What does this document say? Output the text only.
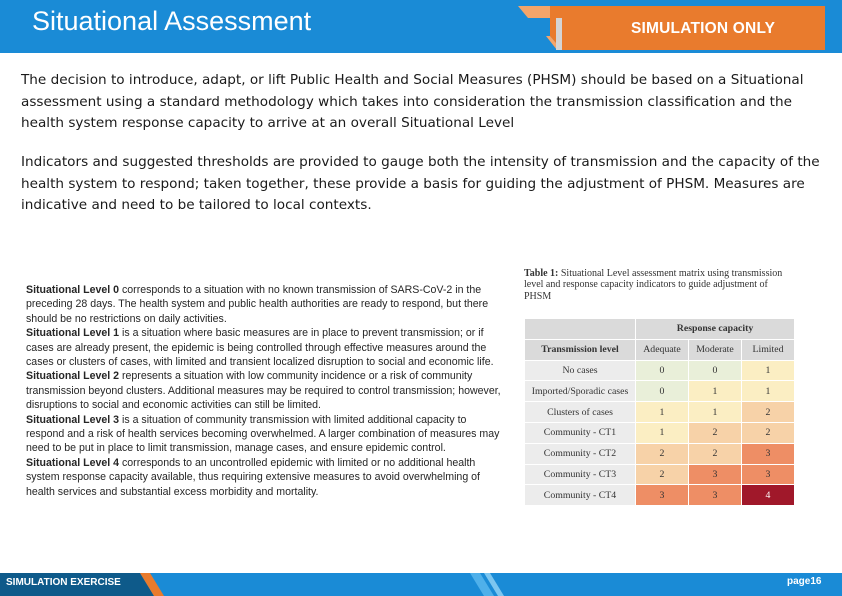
Situational Assessment	SIMULATION ONLY
The decision to introduce, adapt, or lift Public Health and Social Measures (PHSM) should be based on a Situational assessment using a standard methodology which takes into consideration the transmission classification and the health system response capacity to arrive at an overall Situational Level
Indicators and suggested thresholds are provided to gauge both the intensity of transmission and the capacity of the health system to respond; taken together, these provide a basis for guiding the adjustment of PHSM. Measures are indicative and need to be tailored to local contexts.
Situational Level 0 corresponds to a situation with no known transmission of SARS-CoV-2 in the preceding 28 days. The health system and public health authorities are ready to respond, but there should be no restrictions on daily activities.
Situational Level 1 is a situation where basic measures are in place to prevent transmission; or if cases are already present, the epidemic is being controlled through effective measures around the cases or clusters of cases, with limited and transient localized disruption to social and economic life.
Situational Level 2 represents a situation with low community incidence or a risk of community transmission beyond clusters. Additional measures may be required to control transmission; however, disruptions to social and economic activities can still be limited.
Situational Level 3 is a situation of community transmission with limited additional capacity to respond and a risk of health services becoming overwhelmed. A larger combination of measures may need to be put in place to limit transmission, manage cases, and ensure epidemic control.
Situational Level 4 corresponds to an uncontrolled epidemic with limited or no additional health system response capacity available, thus requiring extensive measures to avoid overwhelming of health services and substantial excess morbidity and mortality.
Table 1: Situational Level assessment matrix using transmission level and response capacity indicators to guide adjustment of PHSM
	Response capacity		
Transmission level	Adequate	Moderate	Limited
No cases	0	0	1
Imported/Sporadic cases	0	1	1
Clusters of cases	1	1	2
Community - CT1	1	2	2
Community - CT2	2	2	3
Community - CT3	2	3	3
Community - CT4	3	3	4
SIMULATION EXERCISE	page16
